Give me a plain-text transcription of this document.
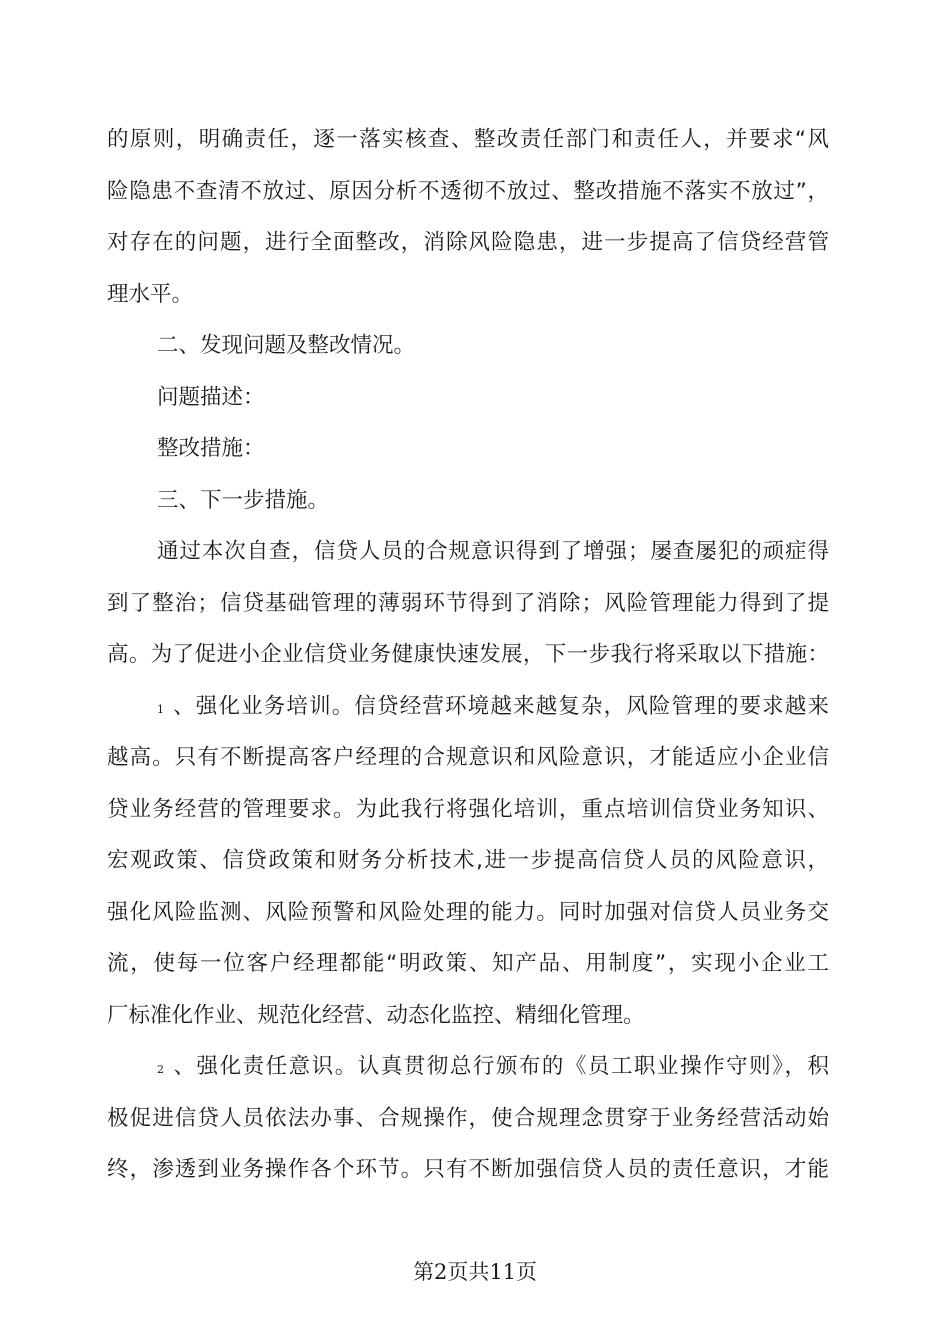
的原则，明确责任，逐一落实核查、整改责任部门和责任人，并要求“风
险隐患不查清不放过、原因分析不透彻不放过、整改措施不落实不放过”，
对存在的问题，进行全面整改，消除风险隐患，进一步提高了信贷经营管
理水平。
二、发现问题及整改情况。
问题描述：
整改措施：
三、下一步措施。
通过本次自查，信贷人员的合规意识得到了增强；屡查屡犯的顽症得
到了整治；信贷基础管理的薄弱环节得到了消除；风险管理能力得到了提
高。为了促进小企业信贷业务健康快速发展，下一步我行将采取以下措施：
1 、强化业务培训。信贷经营环境越来越复杂，风险管理的要求越来
越高。只有不断提高客户经理的合规意识和风险意识，才能适应小企业信
贷业务经营的管理要求。为此我行将强化培训，重点培训信贷业务知识、
宏观政策、信贷政策和财务分析技术,进一步提高信贷人员的风险意识，
强化风险监测、风险预警和风险处理的能力。同时加强对信贷人员业务交
流，使每一位客户经理都能“明政策、知产品、用制度”，实现小企业工
厂标准化作业、规范化经营、动态化监控、精细化管理。
2 、强化责任意识。认真贯彻总行颁布的《员工职业操作守则》，积
极促进信贷人员依法办事、合规操作，使合规理念贯穿于业务经营活动始
终，渗透到业务操作各个环节。只有不断加强信贷人员的责任意识，才能
第2页共11页
